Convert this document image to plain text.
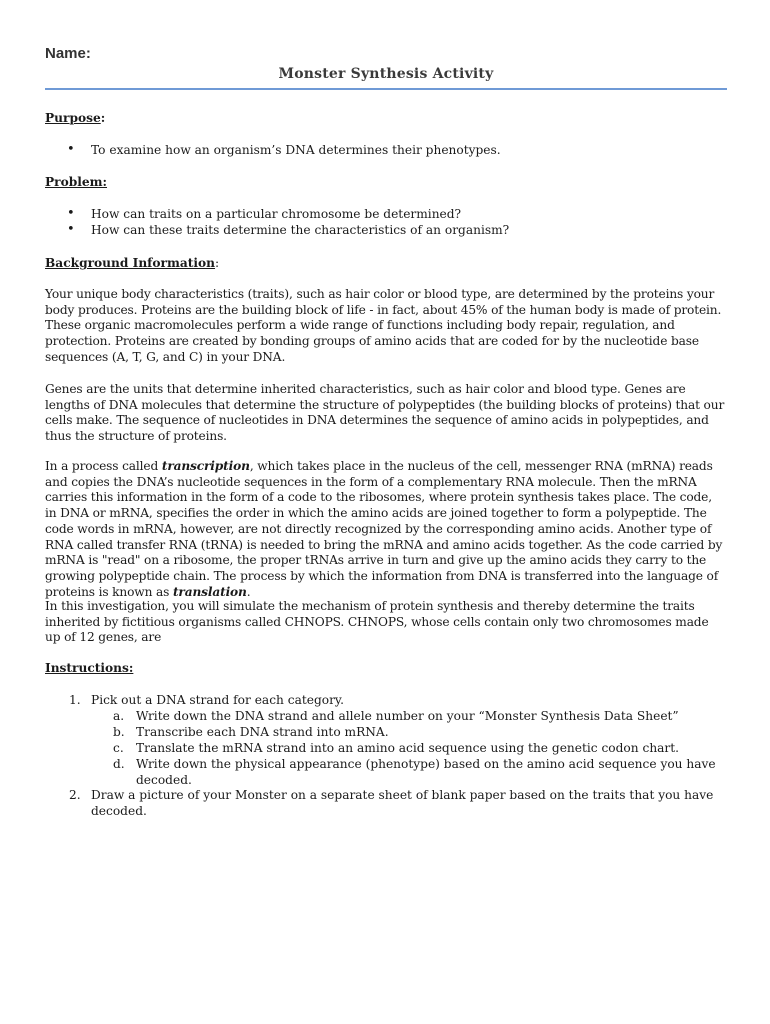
Name:
Monster Synthesis Activity
Purpose:
• To examine how an organism’s DNA determines their phenotypes.
Problem:
• How can traits on a particular chromosome be determined?
• How can these traits determine the characteristics of an organism?
Background Information:

Your unique body characteristics (traits), such as hair color or blood type, are determined by the proteins your body produces. Proteins are the building block of life - in fact, about 45% of the human body is made of protein. These organic macromolecules perform a wide range of functions including body repair, regulation, and protection. Proteins are created by bonding groups of amino acids that are coded for by the nucleotide base sequences (A, T, G, and C) in your DNA.

Genes are the units that determine inherited characteristics, such as hair color and blood type. Genes are lengths of DNA molecules that determine the structure of polypeptides (the building blocks of proteins) that our cells make. The sequence of nucleotides in DNA determines the sequence of amino acids in polypeptides, and thus the structure of proteins.

In a process called transcription, which takes place in the nucleus of the cell, messenger RNA (mRNA) reads and copies the DNA’s nucleotide sequences in the form of a complementary RNA molecule. Then the mRNA carries this information in the form of a code to the ribosomes, where protein synthesis takes place. The code, in DNA or mRNA, specifies the order in which the amino acids are joined together to form a polypeptide. The code words in mRNA, however, are not directly recognized by the corresponding amino acids. Another type of RNA called transfer RNA (tRNA) is needed to bring the mRNA and amino acids together. As the code carried by mRNA is "read" on a ribosome, the proper tRNAs arrive in turn and give up the amino acids they carry to the growing polypeptide chain. The process by which the information from DNA is transferred into the language of proteins is known as translation.

In this investigation, you will simulate the mechanism of protein synthesis and thereby determine the traits inherited by fictitious organisms called CHNOPS. CHNOPS, whose cells contain only two chromosomes made up of 12 genes, are

Instructions:
1. Pick out a DNA strand for each category.
a. Write down the DNA strand and allele number on your “Monster Synthesis Data Sheet”
b. Transcribe each DNA strand into mRNA.
c. Translate the mRNA strand into an amino acid sequence using the genetic codon chart.
d. Write down the physical appearance (phenotype) based on the amino acid sequence you have decoded.
2. Draw a picture of your Monster on a separate sheet of blank paper based on the traits that you have decoded.
